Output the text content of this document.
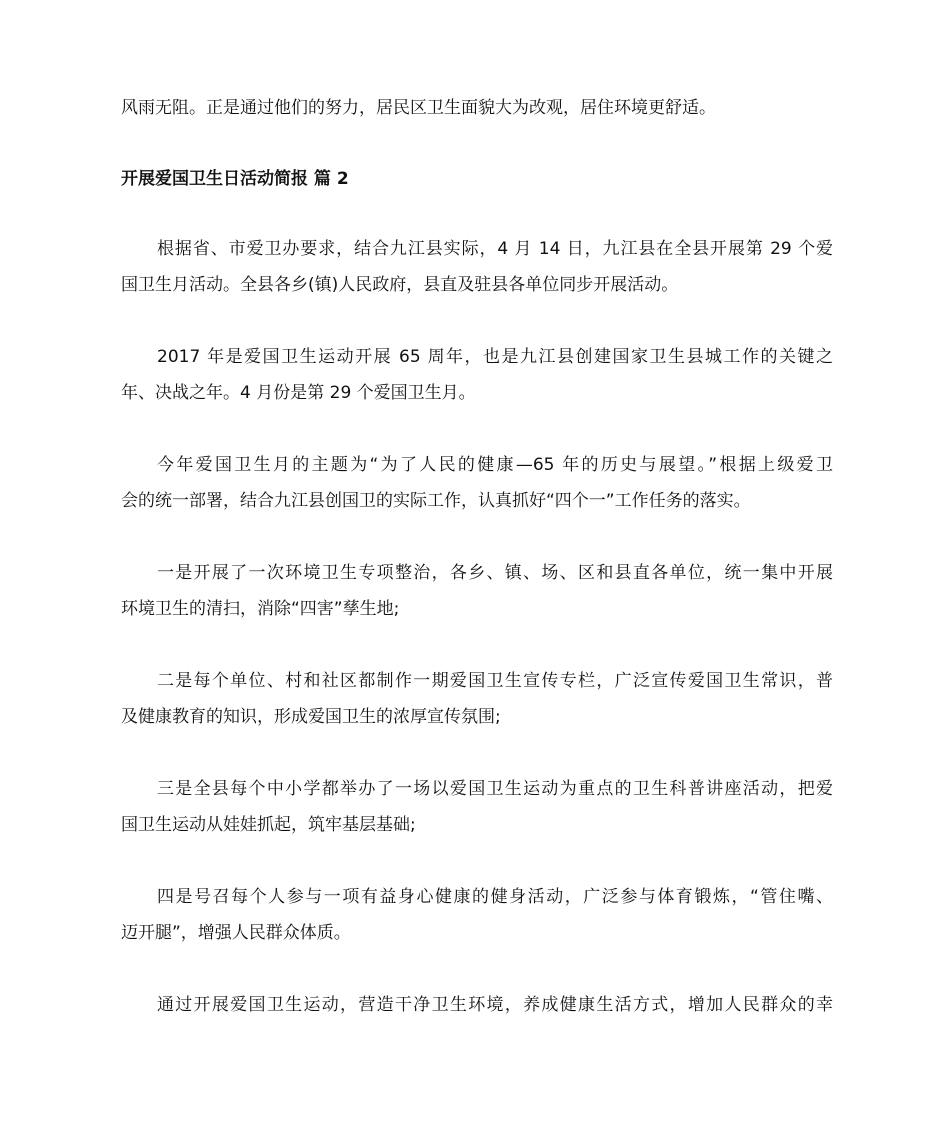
风雨无阻。正是通过他们的努力，居民区卫生面貌大为改观，居住环境更舒适。
开展爱国卫生日活动简报 篇 2
根据省、市爱卫办要求，结合九江县实际，4 月 14 日，九江县在全县开展第 29 个爱
国卫生月活动。全县各乡(镇)人民政府，县直及驻县各单位同步开展活动。
2017 年是爱国卫生运动开展 65 周年，也是九江县创建国家卫生县城工作的关键之
年、决战之年。4 月份是第 29 个爱国卫生月。
今年爱国卫生月的主题为“为了人民的健康—65 年的历史与展望。”根据上级爱卫
会的统一部署，结合九江县创国卫的实际工作，认真抓好“四个一”工作任务的落实。
一是开展了一次环境卫生专项整治，各乡、镇、场、区和县直各单位，统一集中开展
环境卫生的清扫，消除“四害”孳生地;
二是每个单位、村和社区都制作一期爱国卫生宣传专栏，广泛宣传爱国卫生常识，普
及健康教育的知识，形成爱国卫生的浓厚宣传氛围;
三是全县每个中小学都举办了一场以爱国卫生运动为重点的卫生科普讲座活动，把爱
国卫生运动从娃娃抓起，筑牢基层基础;
四是号召每个人参与一项有益身心健康的健身活动，广泛参与体育锻炼，“管住嘴、
迈开腿”，增强人民群众体质。
通过开展爱国卫生运动，营造干净卫生环境，养成健康生活方式，增加人民群众的幸
